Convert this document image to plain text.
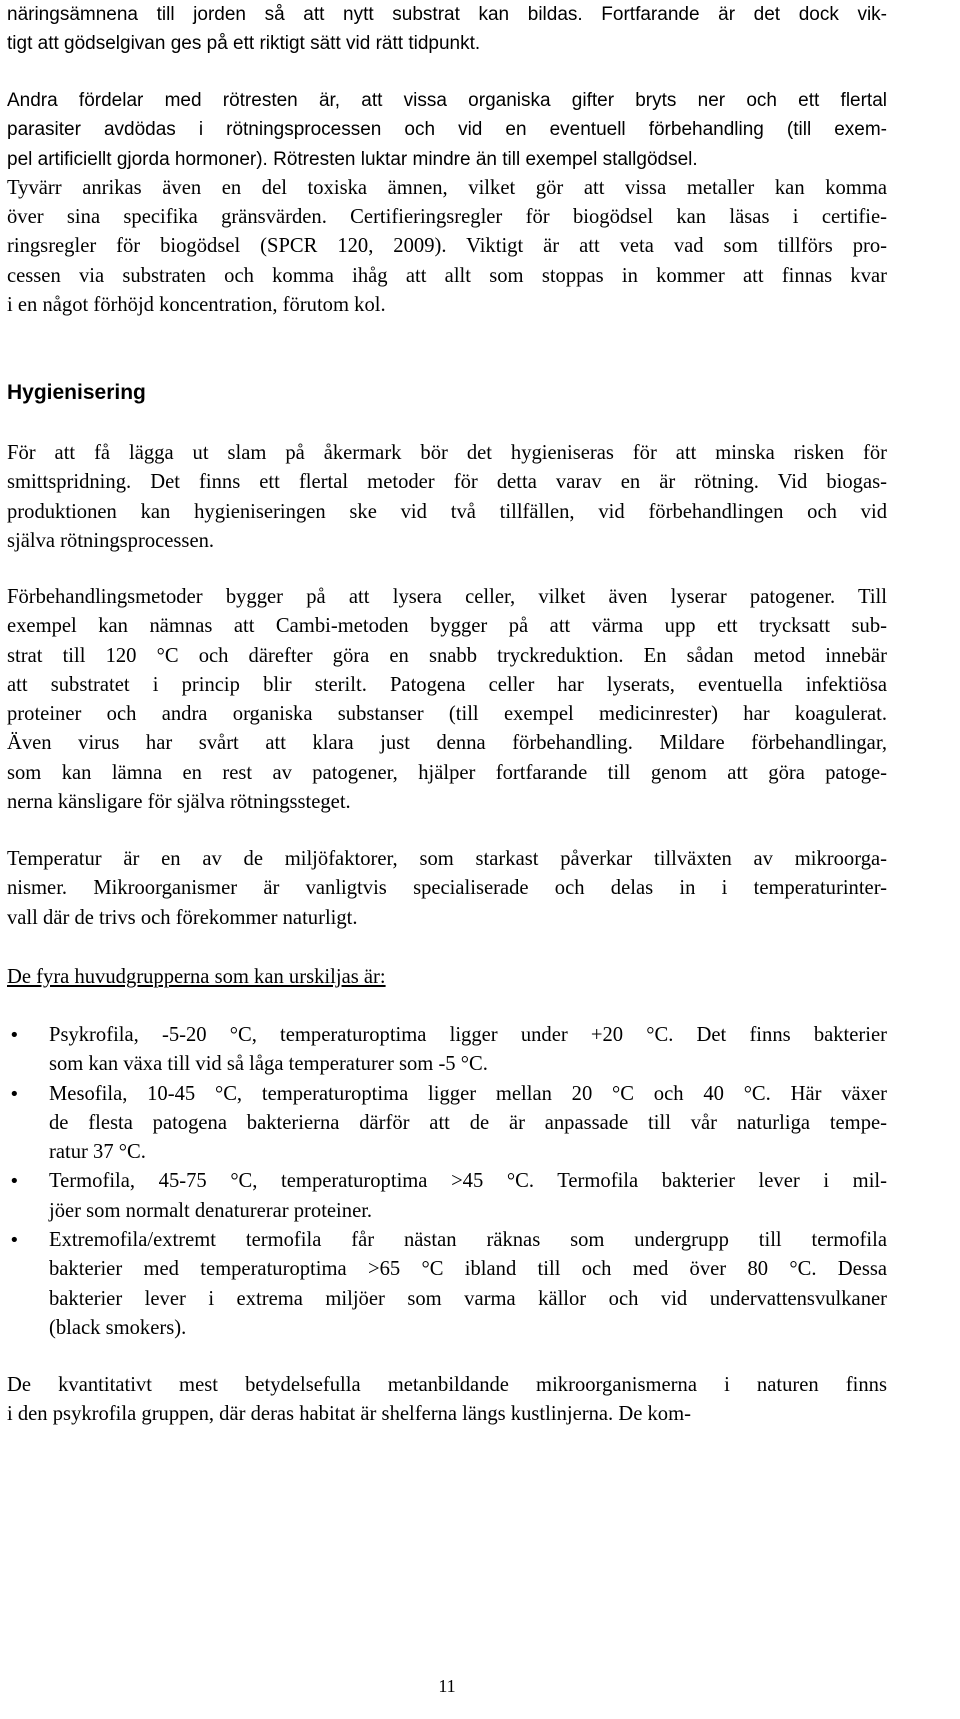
näringsämnena till jorden så att nytt substrat kan bildas. Fortfarande är det dock vik-
tigt att gödselgivan ges på ett riktigt sätt vid rätt tidpunkt.
Andra fördelar med rötresten är, att vissa organiska gifter bryts ner och ett flertal
parasiter avdödas i rötningsprocessen och vid en eventuell förbehandling (till exem-
pel artificiellt gjorda hormoner). Rötresten luktar mindre än till exempel stallgödsel.
Tyvärr anrikas även en del toxiska ämnen, vilket gör att vissa metaller kan komma
över sina specifika gränsvärden. Certifieringsregler för biogödsel kan läsas i certifie-
ringsregler för biogödsel (SPCR 120, 2009). Viktigt är att veta vad som tillförs pro-
cessen via substraten och komma ihåg att allt som stoppas in kommer att finnas kvar
i en något förhöjd koncentration, förutom kol.
Hygienisering
För att få lägga ut slam på åkermark bör det hygieniseras för att minska risken för
smittspridning. Det finns ett flertal metoder för detta varav en är rötning. Vid biogas-
produktionen kan hygieniseringen ske vid två tillfällen, vid förbehandlingen och vid
själva rötningsprocessen.
Förbehandlingsmetoder bygger på att lysera celler, vilket även lyserar patogener. Till
exempel kan nämnas att Cambi-metoden bygger på att värma upp ett trycksatt sub-
strat till 120 °C och därefter göra en snabb tryckreduktion. En sådan metod innebär
att substratet i princip blir sterilt. Patogena celler har lyserats, eventuella infektiösa
proteiner och andra organiska substanser (till exempel medicinrester) har koagulerat.
Även virus har svårt att klara just denna förbehandling. Mildare förbehandlingar,
som kan lämna en rest av patogener, hjälper fortfarande till genom att göra patoge-
nerna känsligare för själva rötningssteget.
Temperatur är en av de miljöfaktorer, som starkast påverkar tillväxten av mikroorga-
nismer. Mikroorganismer är vanligtvis specialiserade och delas in i temperaturinter-
vall där de trivs och förekommer naturligt.
De fyra huvudgrupperna som kan urskiljas är:
• Psykrofila, -5-20 °C, temperaturoptima ligger under +20 °C. Det finns bakterier
som kan växa till vid så låga temperaturer som -5 °C.
• Mesofila, 10-45 °C, temperaturoptima ligger mellan 20 °C och 40 °C. Här växer
de flesta patogena bakterierna därför att de är anpassade till vår naturliga tempe-
ratur 37 °C.
• Termofila, 45-75 °C, temperaturoptima >45 °C. Termofila bakterier lever i mil-
jöer som normalt denaturerar proteiner.
• Extremofila/extremt termofila får nästan räknas som undergrupp till termofila
bakterier med temperaturoptima >65 °C ibland till och med över 80 °C. Dessa
bakterier lever i extrema miljöer som varma källor och vid undervattensvulkaner
(black smokers).
De kvantitativt mest betydelsefulla metanbildande mikroorganismerna i naturen finns
i den psykrofila gruppen, där deras habitat är shelferna längs kustlinjerna. De kom-
11
